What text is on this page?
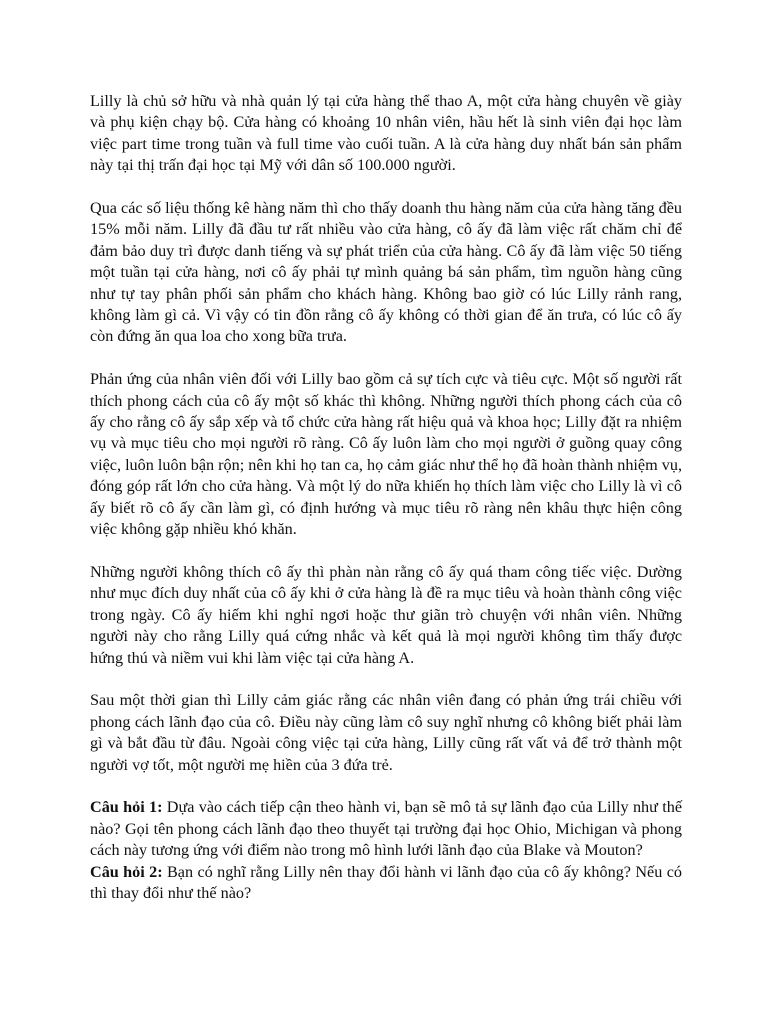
Lilly là chủ sở hữu và nhà quản lý tại cửa hàng thể thao A, một cửa hàng chuyên về giày và phụ kiện chạy bộ. Cửa hàng có khoảng 10 nhân viên, hầu hết là sinh viên đại học làm việc part time trong tuần và full time vào cuối tuần. A là cửa hàng duy nhất bán sản phẩm này tại thị trấn đại học tại Mỹ với dân số 100.000 người.

Qua các số liệu thống kê hàng năm thì cho thấy doanh thu hàng năm của cửa hàng tăng đều 15% mỗi năm. Lilly đã đầu tư rất nhiều vào cửa hàng, cô ấy đã làm việc rất chăm chỉ để đảm bảo duy trì được danh tiếng và sự phát triển của cửa hàng. Cô ấy đã làm việc 50 tiếng một tuần tại cửa hàng, nơi cô ấy phải tự mình quảng bá sản phẩm, tìm nguồn hàng cũng như tự tay phân phối sản phẩm cho khách hàng. Không bao giờ có lúc Lilly rảnh rang, không làm gì cả. Vì vậy có tin đồn rằng cô ấy không có thời gian để ăn trưa, có lúc cô ấy còn đứng ăn qua loa cho xong bữa trưa.

Phản ứng của nhân viên đối với Lilly bao gồm cả sự tích cực và tiêu cực. Một số người rất thích phong cách của cô ấy một số khác thì không. Những người thích phong cách của cô ấy cho rằng cô ấy sắp xếp và tổ chức cửa hàng rất hiệu quả và khoa học; Lilly đặt ra nhiệm vụ và mục tiêu cho mọi người rõ ràng. Cô ấy luôn làm cho mọi người ở guồng quay công việc, luôn luôn bận rộn; nên khi họ tan ca, họ cảm giác như thể họ đã hoàn thành nhiệm vụ, đóng góp rất lớn cho cửa hàng. Và một lý do nữa khiến họ thích làm việc cho Lilly là vì cô ấy biết rõ cô ấy cần làm gì, có định hướng và mục tiêu rõ ràng nên khâu thực hiện công việc không gặp nhiều khó khăn.

Những người không thích cô ấy thì phàn nàn rằng cô ấy quá tham công tiếc việc. Dường như mục đích duy nhất của cô ấy khi ở cửa hàng là đề ra mục tiêu và hoàn thành công việc trong ngày. Cô ấy hiếm khi nghỉ ngơi hoặc thư giãn trò chuyện với nhân viên. Những người này cho rằng Lilly quá cứng nhắc và kết quả là mọi người không tìm thấy được hứng thú và niềm vui khi làm việc tại cửa hàng A.

Sau một thời gian thì Lilly cảm giác rằng các nhân viên đang có phản ứng trái chiều với phong cách lãnh đạo của cô. Điều này cũng làm cô suy nghĩ nhưng cô không biết phải làm gì và bắt đầu từ đâu. Ngoài công việc tại cửa hàng, Lilly cũng rất vất vả để trở thành một người vợ tốt, một người mẹ hiền của 3 đứa trẻ.

Câu hỏi 1: Dựa vào cách tiếp cận theo hành vi, bạn sẽ mô tả sự lãnh đạo của Lilly như thế nào? Gọi tên phong cách lãnh đạo theo thuyết tại trường đại học Ohio, Michigan và phong cách này tương ứng với điểm nào trong mô hình lưới lãnh đạo của Blake và Mouton?

Câu hỏi 2: Bạn có nghĩ rằng Lilly nên thay đổi hành vi lãnh đạo của cô ấy không? Nếu có thì thay đổi như thế nào?
